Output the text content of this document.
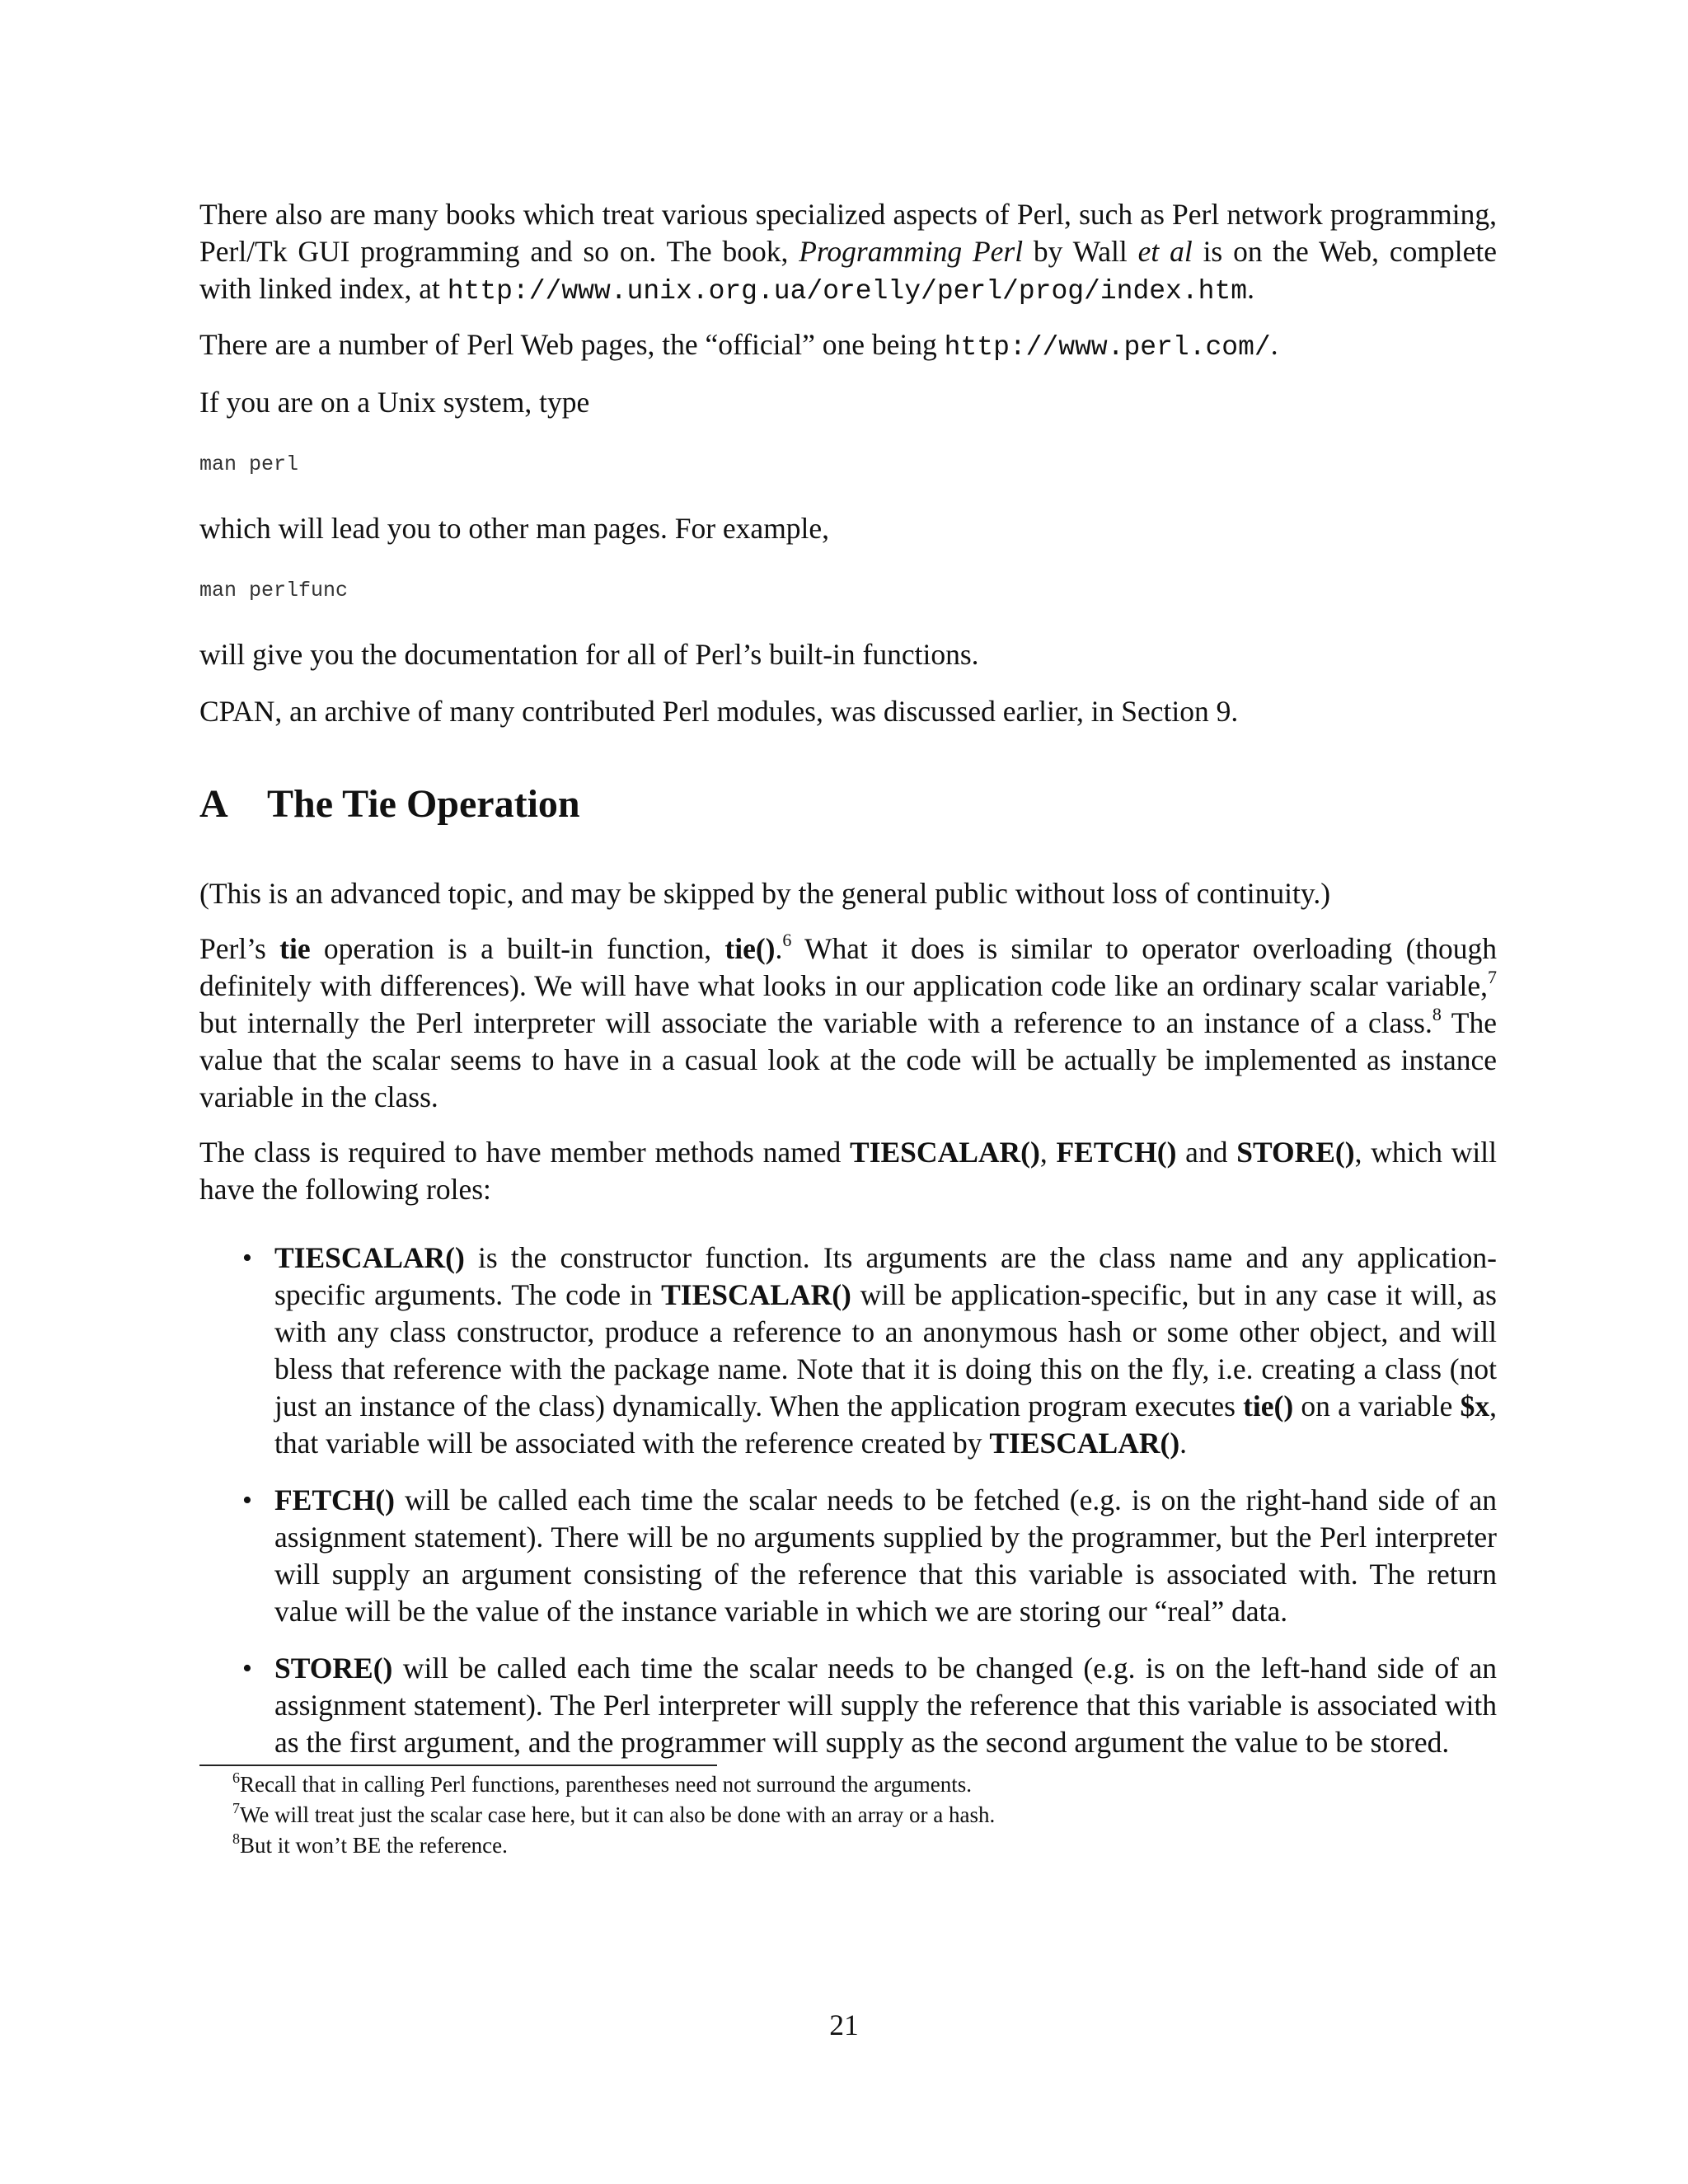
There also are many books which treat various specialized aspects of Perl, such as Perl network programming, Perl/Tk GUI programming and so on. The book, Programming Perl by Wall et al is on the Web, complete with linked index, at http://www.unix.org.ua/orelly/perl/prog/index.htm.

There are a number of Perl Web pages, the “official” one being http://www.perl.com/.

If you are on a Unix system, type

man perl

which will lead you to other man pages. For example,

man perlfunc

will give you the documentation for all of Perl’s built-in functions.

CPAN, an archive of many contributed Perl modules, was discussed earlier, in Section 9.

A The Tie Operation

(This is an advanced topic, and may be skipped by the general public without loss of continuity.)

Perl’s tie operation is a built-in function, tie().$^6$ What it does is similar to operator overloading (though definitely with differences). We will have what looks in our application code like an ordinary scalar variable,$^7$ but internally the Perl interpreter will associate the variable with a reference to an instance of a class.$^8$ The value that the scalar seems to have in a casual look at the code will be actually be implemented as instance variable in the class.

The class is required to have member methods named TIESCALAR(), FETCH() and STORE(), which will have the following roles:

• TIESCALAR() is the constructor function. Its arguments are the class name and any application-specific arguments. The code in TIESCALAR() will be application-specific, but in any case it will, as with any class constructor, produce a reference to an anonymous hash or some other object, and will bless that reference with the package name. Note that it is doing this on the fly, i.e. creating a class (not just an instance of the class) dynamically. When the application program executes tie() on a variable $x, that variable will be associated with the reference created by TIESCALAR().

• FETCH() will be called each time the scalar needs to be fetched (e.g. is on the right-hand side of an assignment statement). There will be no arguments supplied by the programmer, but the Perl interpreter will supply an argument consisting of the reference that this variable is associated with. The return value will be the value of the instance variable in which we are storing our “real” data.

• STORE() will be called each time the scalar needs to be changed (e.g. is on the left-hand side of an assignment statement). The Perl interpreter will supply the reference that this variable is associated with as the first argument, and the programmer will supply as the second argument the value to be stored.

$^6$Recall that in calling Perl functions, parentheses need not surround the arguments.

$^7$We will treat just the scalar case here, but it can also be done with an array or a hash.

$^8$But it won’t BE the reference.

21
